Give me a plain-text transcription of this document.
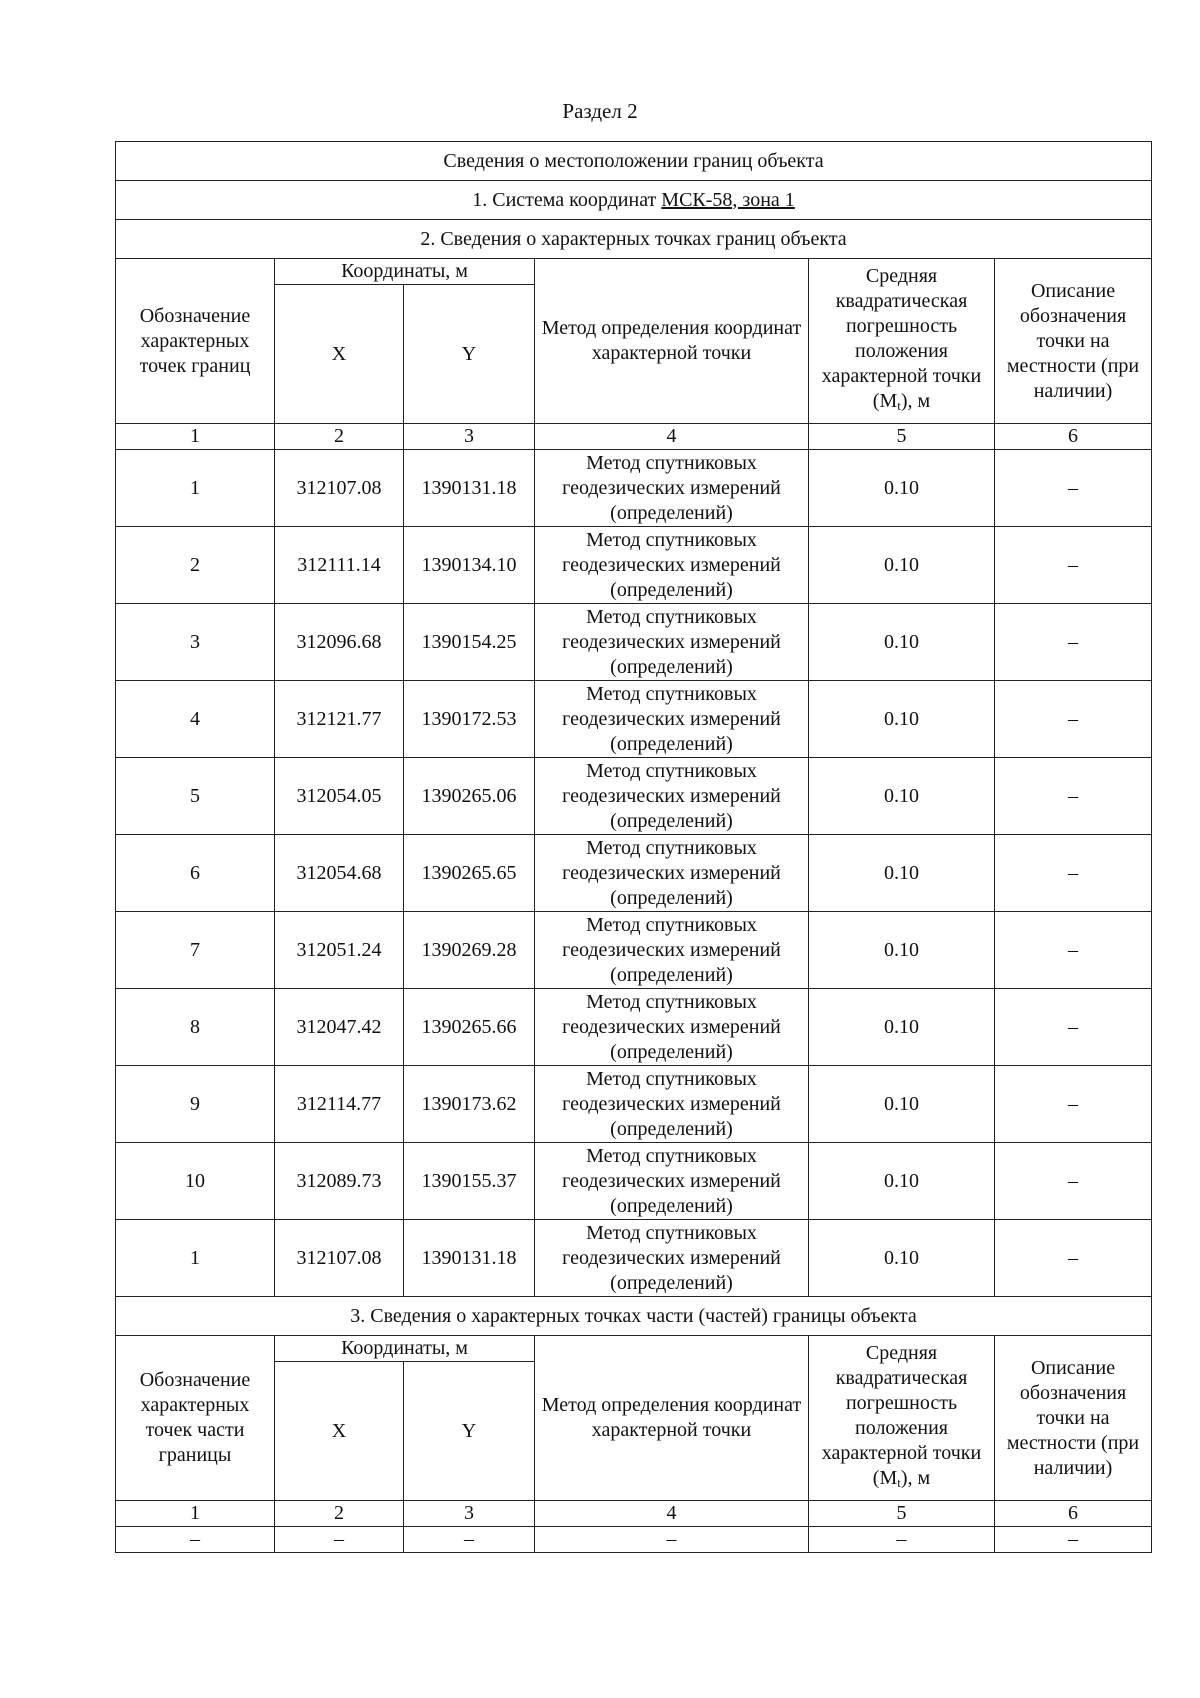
Раздел 2
Сведения о местоположении границ объекта					
1. Система координат МСК-58, зона 1					
2. Сведения о характерных точках границ объекта					
Обозначение характерных точек границ	Координаты, м		Метод определения координат характерной точки	Средняя квадратическая погрешность положения характерной точки $(M_t)$, м	Описание обозначения точки на местности (при наличии)
	X	Y			
1	2	3	4	5	6
1	312107.08	1390131.18	Метод спутниковых геодезических измерений (определений)	0.10	–
2	312111.14	1390134.10	Метод спутниковых геодезических измерений (определений)	0.10	–
3	312096.68	1390154.25	Метод спутниковых геодезических измерений (определений)	0.10	–
4	312121.77	1390172.53	Метод спутниковых геодезических измерений (определений)	0.10	–
5	312054.05	1390265.06	Метод спутниковых геодезических измерений (определений)	0.10	–
6	312054.68	1390265.65	Метод спутниковых геодезических измерений (определений)	0.10	–
7	312051.24	1390269.28	Метод спутниковых геодезических измерений (определений)	0.10	–
8	312047.42	1390265.66	Метод спутниковых геодезических измерений (определений)	0.10	–
9	312114.77	1390173.62	Метод спутниковых геодезических измерений (определений)	0.10	–
10	312089.73	1390155.37	Метод спутниковых геодезических измерений (определений)	0.10	–
1	312107.08	1390131.18	Метод спутниковых геодезических измерений (определений)	0.10	–
3. Сведения о характерных точках части (частей) границы объекта					
Обозначение характерных точек части границы	Координаты, м		Метод определения координат характерной точки	Средняя квадратическая погрешность положения характерной точки $(M_t)$, м	Описание обозначения точки на местности (при наличии)
	X	Y			
1	2	3	4	5	6
–	–	–	–	–	–
